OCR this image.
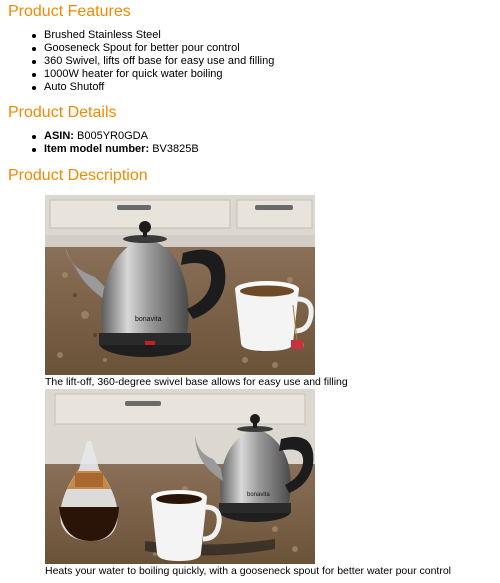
Product Features
Brushed Stainless Steel
Gooseneck Spout for better pour control
360 Swivel, lifts off base for easy use and filling
1000W heater for quick water boiling
Auto Shutoff
Product Details
ASIN: B005YR0GDA
Item model number: BV3825B
Product Description
bonavita
The lift-off, 360-degree swivel base allows for easy use and filling
bonavita
Heats your water to boiling quickly, with a gooseneck spout for better water pour control
